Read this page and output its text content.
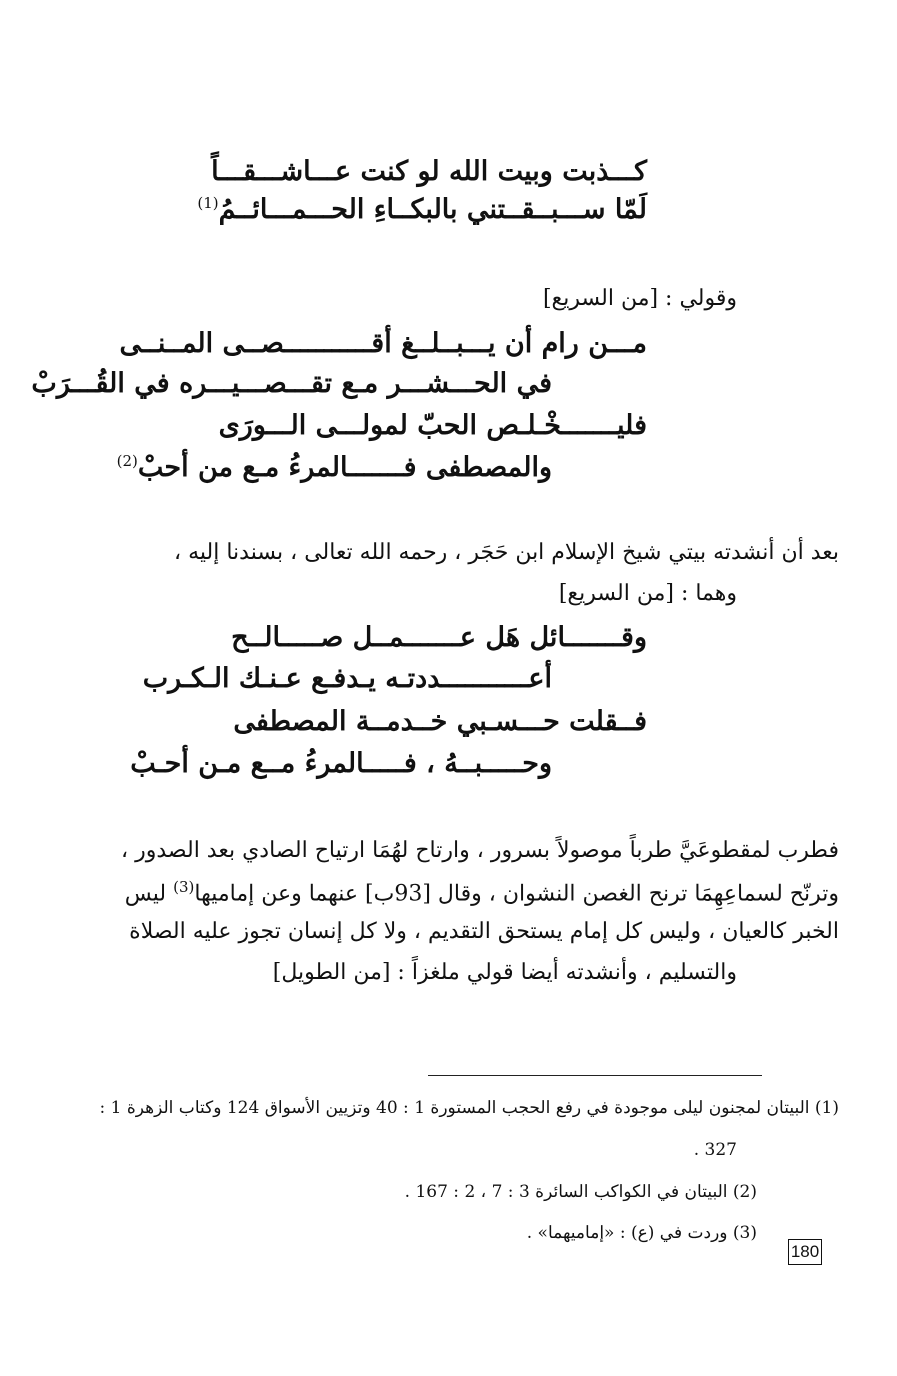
كـــذبت وبيت الله لو كنت عـــاشـــقـــاً
لَمّا ســـبــقــتني بالبكــاءِ الحـــمـــائــمُ$^{(1)}$
وقولي : [من السريع]
مـــن رام أن يـــبــلــغ أقـــــــــــصــى المــنــى
في الحـــشـــر مـع تقـــصـــيـــره في القُـــرَبْ
فليـــــــخْـلـص الحبّ لمولـــى الـــورَى
والمصطفى فـــــــالمرءُ مـع من أحبْ$^{(2)}$
بعد أن أنشدته بيتي شيخ الإسلام ابن حَجَر ، رحمه الله تعالى ، بسندنا إليه ،
وهما : [من السريع]
وقـــــــائل هَل عـــــــمــل صـــــالــح
أعـــــــــــددتـه يـدفـع عـنـك الـكـرب
فــقلت حـــسـبي خــدمــة المصطفى
وحـــــبــهُ ، فـــــالمرءُ مــع مـن أحـبْ
فطرب لمقطوعَيَّ طرباً موصولاً بسرور ، وارتاح لهُمَا ارتياح الصادي بعد الصدور ،
وترنّح لسماعِهِمَا ترنح الغصن النشوان ، وقال [93ب] عنهما وعن إماميها$^{(3)}$ ليس
الخبر كالعيان ، وليس كل إمام يستحق التقديم ، ولا كل إنسان تجوز عليه الصلاة
والتسليم ، وأنشدته أيضا قولي ملغزاً : [من الطويل]
(1) البيتان لمجنون ليلى موجودة في رفع الحجب المستورة 1 : 40 وتزيين الأسواق 124 وكتاب الزهرة 1 :
327 .
(2) البيتان في الكواكب السائرة 3 : 7 ، 2 : 167 .
(3) وردت في (ع) : «إماميهما» .
180
